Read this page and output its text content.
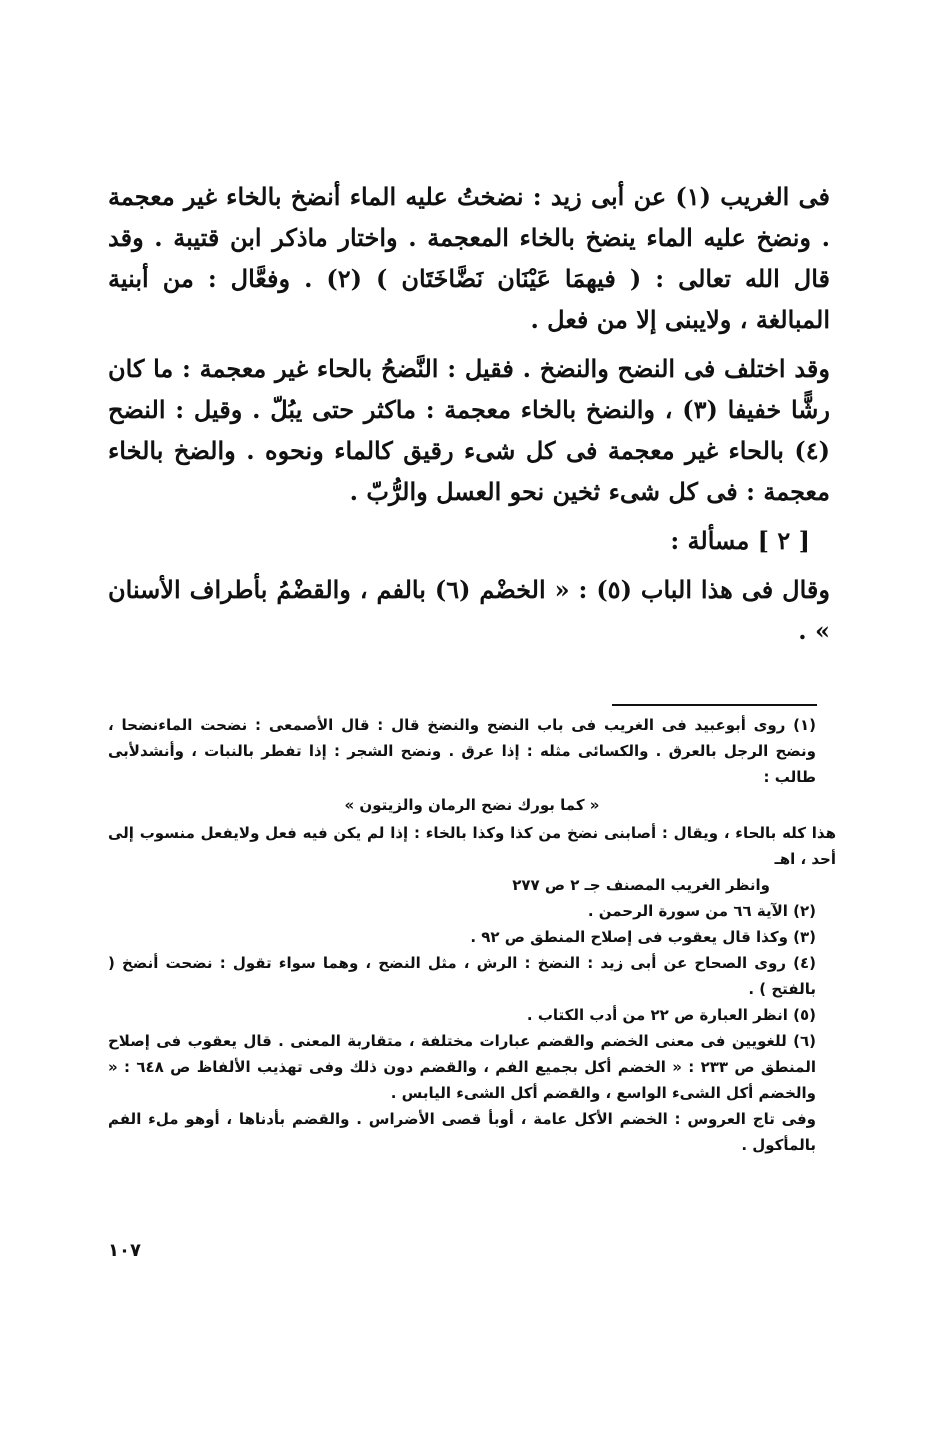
فى الغريب (١) عن أبى زيد : نضختُ عليه الماء أنضخ بالخاء غير معجمة . ونضخ عليه الماء ينضخ بالخاء المعجمة . واختار ماذكر ابن قتيبة . وقد قال الله تعالى : ( فيهمَا عَيْنَان نَضَّاخَتَان ) (٢) . وفعَّال : من أبنية المبالغة ، ولايبنى إلا من فعل .

وقد اختلف فى النضح والنضخ . فقيل : النَّضحُ بالحاء غير معجمة : ما كان رشًّا خفيفا (٣) ، والنضخ بالخاء معجمة : ماكثر حتى يبُلّ . وقيل : النضح (٤) بالحاء غير معجمة فى كل شىء رقيق كالماء ونحوه . والضخ بالخاء معجمة : فى كل شىء ثخين نحو العسل والرُّبّ .

[ ٢ ] مسألة :

وقال فى هذا الباب (٥) : « الخضْم (٦) بالفم ، والقضْمُ بأطراف الأسنان » .

(١) روى أبوعبيد فى الغريب فى باب النضح والنضخ قال : قال الأصمعى : نضحت الماءنضحا ، ونضح الرجل بالعرق . والكسائى مثله : إذا عرق . ونضح الشجر : إذا تفطر بالنبات ، وأنشدلأبى طالب :

« كما بورك نضح الرمان والزيتون »

هذا كله بالحاء ، ويقال : أصابنى نضخ من كذا وكذا بالخاء : إذا لم يكن فيه فعل ولايفعل منسوب إلى أحد ، اهـ

وانظر الغريب المصنف جـ ٢ ص ٢٧٧

(٢) الآية ٦٦ من سورة الرحمن .

(٣) وكذا قال يعقوب فى إصلاح المنطق ص ٩٢ .

(٤) روى الصحاح عن أبى زيد : النضخ : الرش ، مثل النضح ، وهما سواء تقول : نضحت أنضخ ( بالفتح ) .

(٥) انظر العبارة ص ٢٢ من أدب الكتاب .

(٦) للغويين فى معنى الخضم والقضم عبارات مختلفة ، متقاربة المعنى . قال يعقوب فى إصلاح المنطق ص ٢٣٣ : « الخضم أكل بجميع الفم ، والقضم دون ذلك وفى تهذيب الألفاظ ص ٦٤٨ : « والخضم أكل الشىء الواسع ، والقضم أكل الشىء اليابس .

وفى تاج العروس : الخضم الأكل عامة ، أوبأ قصى الأضراس . والقضم بأدناها ، أوهو ملء الفم بالمأكول .

١٠٧
